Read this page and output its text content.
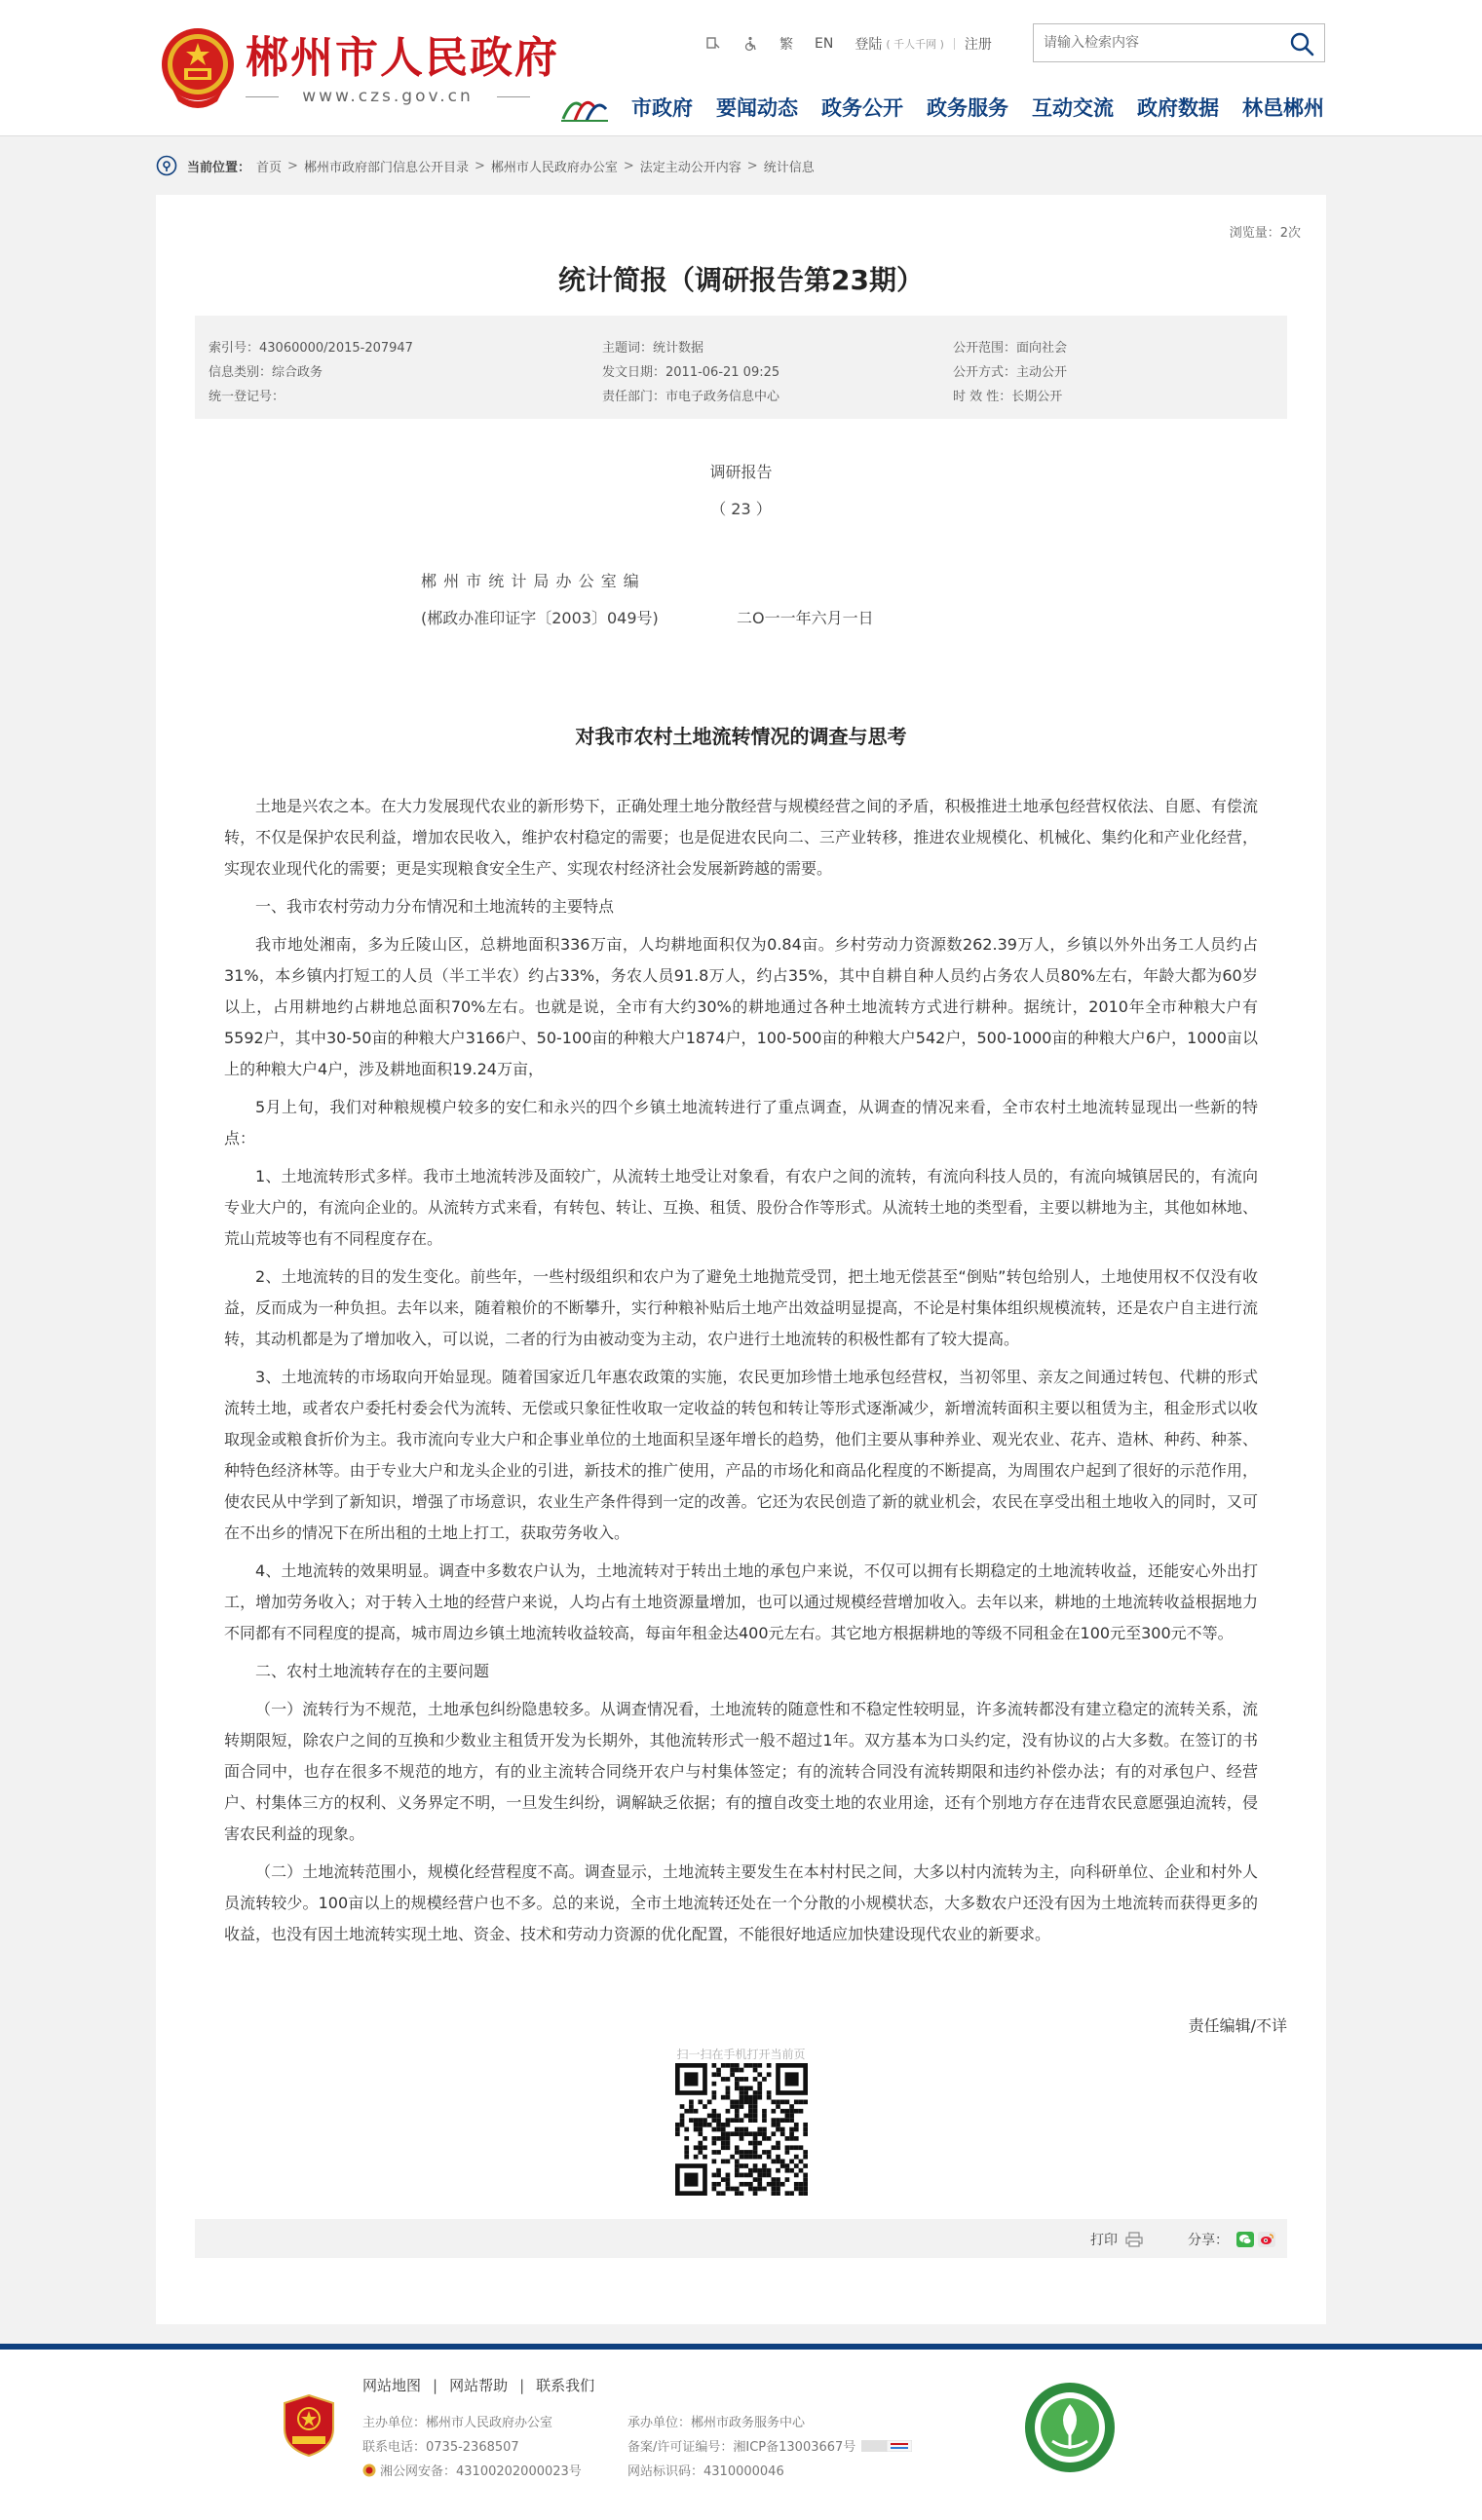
郴州市人民政府
www.czs.gov.cn
繁 EN 登陆 ( 千人千网 ) 注册
请输入检索内容
市政府 要闻动态 政务公开 政务服务 互动交流 政府数据 林邑郴州
当前位置： 首页 > 郴州市政府部门信息公开目录 > 郴州市人民政府办公室 > 法定主动公开内容 > 统计信息
浏览量：2次
统计简报（调研报告第23期）
索引号：43060000/2015-207947	主题词：统计数据	公开范围：面向社会
信息类别：综合政务	发文日期：2011-06-21 09:25	公开方式：主动公开
统一登记号：	责任部门：市电子政务信息中心	时 效 性：长期公开
调研报告
（ 23 ）
郴 州 市 统 计 局 办 公 室 编
(郴政办准印证字〔2003〕049号)	二O一一年六月一日
对我市农村土地流转情况的调查与思考

土地是兴农之本。在大力发展现代农业的新形势下，正确处理土地分散经营与规模经营之间的矛盾，积极推进土地承包经营权依法、自愿、有偿流转，不仅是保护农民利益，增加农民收入，维护农村稳定的需要；也是促进农民向二、三产业转移，推进农业规模化、机械化、集约化和产业化经营，实现农业现代化的需要；更是实现粮食安全生产、实现农村经济社会发展新跨越的需要。

一、我市农村劳动力分布情况和土地流转的主要特点

我市地处湘南，多为丘陵山区，总耕地面积336万亩，人均耕地面积仅为0.84亩。乡村劳动力资源数262.39万人，乡镇以外外出务工人员约占31%，本乡镇内打短工的人员（半工半农）约占33%，务农人员91.8万人，约占35%，其中自耕自种人员约占务农人员80%左右，年龄大都为60岁以上，占用耕地约占耕地总面积70%左右。也就是说，全市有大约30%的耕地通过各种土地流转方式进行耕种。据统计，2010年全市种粮大户有5592户，其中30-50亩的种粮大户3166户、50-100亩的种粮大户1874户，100-500亩的种粮大户542户，500-1000亩的种粮大户6户，1000亩以上的种粮大户4户，涉及耕地面积19.24万亩，

5月上旬，我们对种粮规模户较多的安仁和永兴的四个乡镇土地流转进行了重点调查，从调查的情况来看，全市农村土地流转显现出一些新的特点：

1、土地流转形式多样。我市土地流转涉及面较广，从流转土地受让对象看，有农户之间的流转，有流向科技人员的，有流向城镇居民的，有流向专业大户的，有流向企业的。从流转方式来看，有转包、转让、互换、租赁、股份合作等形式。从流转土地的类型看，主要以耕地为主，其他如林地、荒山荒坡等也有不同程度存在。

2、土地流转的目的发生变化。前些年，一些村级组织和农户为了避免土地抛荒受罚，把土地无偿甚至“倒贴”转包给别人，土地使用权不仅没有收益，反而成为一种负担。去年以来，随着粮价的不断攀升，实行种粮补贴后土地产出效益明显提高，不论是村集体组织规模流转，还是农户自主进行流转，其动机都是为了增加收入，可以说，二者的行为由被动变为主动，农户进行土地流转的积极性都有了较大提高。

3、土地流转的市场取向开始显现。随着国家近几年惠农政策的实施，农民更加珍惜土地承包经营权，当初邻里、亲友之间通过转包、代耕的形式流转土地，或者农户委托村委会代为流转、无偿或只象征性收取一定收益的转包和转让等形式逐渐减少，新增流转面积主要以租赁为主，租金形式以收取现金或粮食折价为主。我市流向专业大户和企事业单位的土地面积呈逐年增长的趋势，他们主要从事种养业、观光农业、花卉、造林、种药、种茶、种特色经济林等。由于专业大户和龙头企业的引进，新技术的推广使用，产品的市场化和商品化程度的不断提高，为周围农户起到了很好的示范作用，使农民从中学到了新知识，增强了市场意识，农业生产条件得到一定的改善。它还为农民创造了新的就业机会，农民在享受出租土地收入的同时，又可在不出乡的情况下在所出租的土地上打工，获取劳务收入。

4、土地流转的效果明显。调查中多数农户认为，土地流转对于转出土地的承包户来说，不仅可以拥有长期稳定的土地流转收益，还能安心外出打工，增加劳务收入；对于转入土地的经营户来说，人均占有土地资源量增加，也可以通过规模经营增加收入。去年以来，耕地的土地流转收益根据地力不同都有不同程度的提高，城市周边乡镇土地流转收益较高，每亩年租金达400元左右。其它地方根据耕地的等级不同租金在100元至300元不等。

二、农村土地流转存在的主要问题

（一）流转行为不规范，土地承包纠纷隐患较多。从调查情况看，土地流转的随意性和不稳定性较明显，许多流转都没有建立稳定的流转关系，流转期限短，除农户之间的互换和少数业主租赁开发为长期外，其他流转形式一般不超过1年。双方基本为口头约定，没有协议的占大多数。在签订的书面合同中，也存在很多不规范的地方，有的业主流转合同绕开农户与村集体签定；有的流转合同没有流转期限和违约补偿办法；有的对承包户、经营户、村集体三方的权利、义务界定不明，一旦发生纠纷，调解缺乏依据；有的擅自改变土地的农业用途，还有个别地方存在违背农民意愿强迫流转，侵害农民利益的现象。

（二）土地流转范围小，规模化经营程度不高。调查显示，土地流转主要发生在本村村民之间，大多以村内流转为主，向科研单位、企业和村外人员流转较少。100亩以上的规模经营户也不多。总的来说，全市土地流转还处在一个分散的小规模状态，大多数农户还没有因为土地流转而获得更多的收益，也没有因土地流转实现土地、资金、技术和劳动力资源的优化配置，不能很好地适应加快建设现代农业的新要求。

责任编辑/不详
扫一扫在手机打开当前页
打印	分享：
网站地图 | 网站帮助 | 联系我们
主办单位：郴州市人民政府办公室	承办单位：郴州市政务服务中心
联系电话：0735-2368507	备案/许可证编号：湘ICP备13003667号
湘公网安备：43100202000023号	网站标识码：4310000046
